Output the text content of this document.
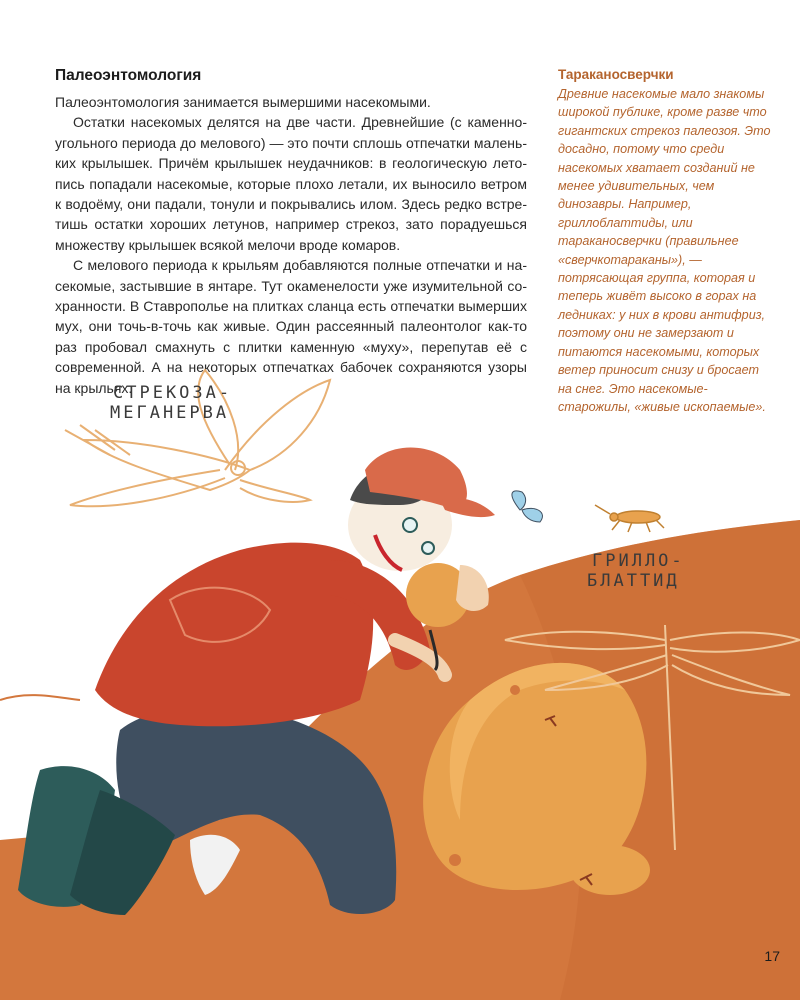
Палеоэнтомология

Палеоэнтомология занимается вымершими насекомыми.

Остатки насекомых делятся на две части. Древнейшие (с каменноугольного периода до мелового) — это почти сплошь отпечатки маленьких крылышек. Причём крылышек неудачников: в геологическую летопись попадали насекомые, которые плохо летали, их выносило ветром к водоёму, они падали, тонули и покрывались илом. Здесь редко встретишь остатки хороших летунов, например стрекоз, зато порадуешься множеству крылышек всякой мелочи вроде комаров.

С мелового периода к крыльям добавляются полные отпечатки и насекомые, застывшие в янтаре. Тут окаменелости уже изумительной сохранности. В Ставрополье на плитках сланца есть отпечатки вымерших мух, они точь-в-точь как живые. Один рассеянный палеонтолог как-то раз пробовал смахнуть с плитки каменную «муху», перепутав её с современной. А на некоторых отпечатках бабочек сохраняются узоры на крыльях.

Тараканосверчки
Древние насекомые мало знакомы широкой публике, кроме разве что гигантских стрекоз палеозоя. Это досадно, потому что среди насекомых хватает созданий не менее удивительных, чем динозавры. Например, гриллоблаттиды, или тараканосверчки (правильнее «сверчкотараканы»), — потрясающая группа, которая и теперь живёт высоко в горах на ледниках: у них в крови антифриз, поэтому они не замерзают и питаются насекомыми, которых ветер приносит снизу и бросает на снег. Это насекомые-старожилы, «живые ископаемые».
СТРЕКОЗА-
МЕГАНЕРВА
ГРИЛЛО-
БЛАТТИД
17
